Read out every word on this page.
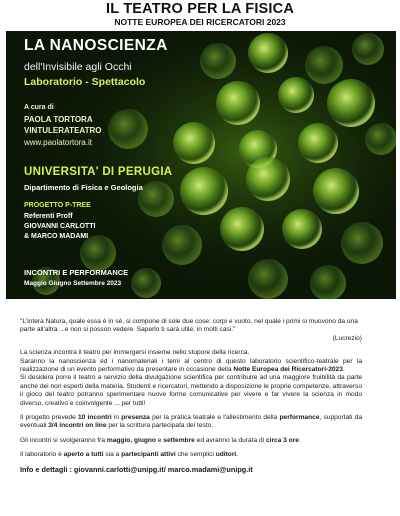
IL TEATRO PER LA FISICA
NOTTE EUROPEA DEI RICERCATORI 2023
LA NANOSCIENZA
dell'Invisibile agli Occhi
Laboratorio - Spettacolo
A cura di
PAOLA TORTORA
VINTULERATEATRO
www.paolatortora.it
UNIVERSITA' DI PERUGIA
Dipartimento di Fisica e Geologia
PROGETTO P-TREE
Referenti Proff
GIOVANNI CARLOTTI
& MARCO MADAMI
INCONTRI E PERFORMANCE
Maggio Giugno Settembre 2023

"L'intera Natura, quale essa è in sé, si compone di sole due cose: corpi e vuoto, nel quale i primi si muovono da una parte all'altra ...e non si posson vedere. Saperlo ti sarà utile, in molti casi."

(Lucrezio)

La scienza incontra il teatro per immergersi insieme nello stupore della ricerca.
Saranno la nanoscienza ed i nanomateriali i temi al centro di questo laboratorio scientifico-teatrale per la realizzazione di un evento performativo da presentare in occasione della Notte Europea dei Ricercatori-2023.
Si desidera porre il teatro a servizio della divulgazione scientifica per contribuire ad una maggiore fruibilità da parte anche dei non esperti della materia. Studenti e ricercatori, mettendo a disposizione le proprie competenze, attraverso il gioco del teatro potranno sperimentare nuove forme comunicative per vivere e far vivere la scienza in modo diverso, creativo e coinvolgente ... per tutti!

Il progetto prevede 10 incontri in presenza per la pratica teatrale e l'allestimento della performance, supportati da eventuali 3/4 incontri on line per la scrittura partecipata del testo.

Gli incontri si svolgeranno fra maggio, giugno e settembre ed avranno la durata di circa 3 ore.

Il laboratorio è aperto a tutti sia a partecipanti attivi che semplici uditori.

Info e dettagli : giovanni.carlotti@unipg.it/ marco.madami@unipg.it
